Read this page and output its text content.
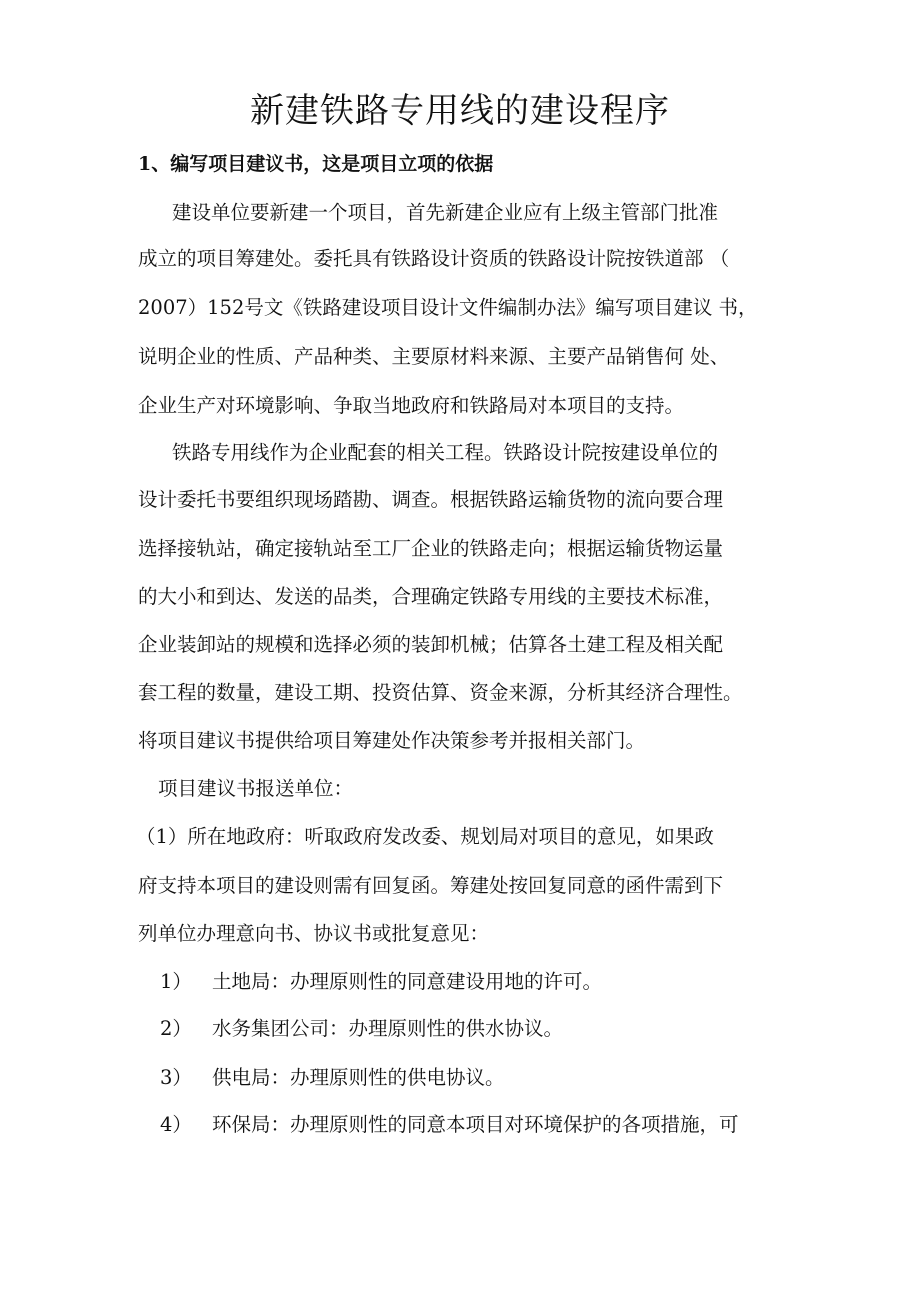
新建铁路专用线的建设程序

1、编写项目建议书，这是项目立项的依据

建设单位要新建一个项目，首先新建企业应有上级主管部门批准

成立的项目筹建处。委托具有铁路设计资质的铁路设计院按铁道部 （

2007）152号文《铁路建设项目设计文件编制办法》编写项目建议 书，

说明企业的性质、产品种类、主要原材料来源、主要产品销售何 处、

企业生产对环境影响、争取当地政府和铁路局对本项目的支持。

铁路专用线作为企业配套的相关工程。铁路设计院按建设单位的

设计委托书要组织现场踏勘、调查。根据铁路运输货物的流向要合理

选择接轨站，确定接轨站至工厂企业的铁路走向；根据运输货物运量

的大小和到达、发送的品类，合理确定铁路专用线的主要技术标准，

企业装卸站的规模和选择必须的装卸机械；估算各土建工程及相关配

套工程的数量，建设工期、投资估算、资金来源，分析其经济合理性。

将项目建议书提供给项目筹建处作决策参考并报相关部门。

项目建议书报送单位：

（1）所在地政府：听取政府发改委、规划局对项目的意见，如果政

府支持本项目的建设则需有回复函。筹建处按回复同意的函件需到下

列单位办理意向书、协议书或批复意见：

1） 土地局：办理原则性的同意建设用地的许可。
2） 水务集团公司：办理原则性的供水协议。
3） 供电局：办理原则性的供电协议。
4） 环保局：办理原则性的同意本项目对环境保护的各项措施，可
